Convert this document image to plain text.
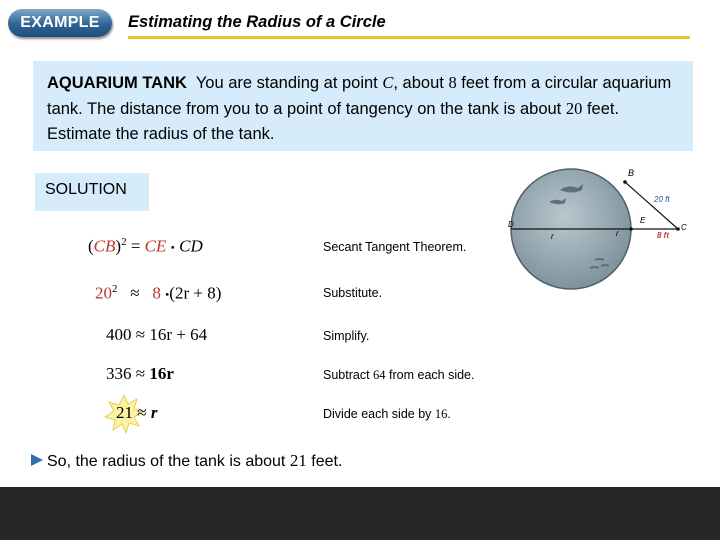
EXAMPLE	Estimating the Radius of a Circle
AQUARIUM TANK You are standing at point C, about 8 feet from a circular aquarium tank. The distance from you to a point of tangency on the tank is about 20 feet. Estimate the radius of the tank.
SOLUTION
(CB)$^2$ = CE • CD	Secant Tangent Theorem.
$20^2 \approx 8$ •(2r + 8)	Substitute.
400 ≈ 16r + 64	Simplify.
336 ≈ 16r	Subtract 64 from each side.
21 ≈ r	Divide each side by 16.
B
D	E
C
r	r
20 ft
8 ft
So, the radius of the tank is about 21 feet.
